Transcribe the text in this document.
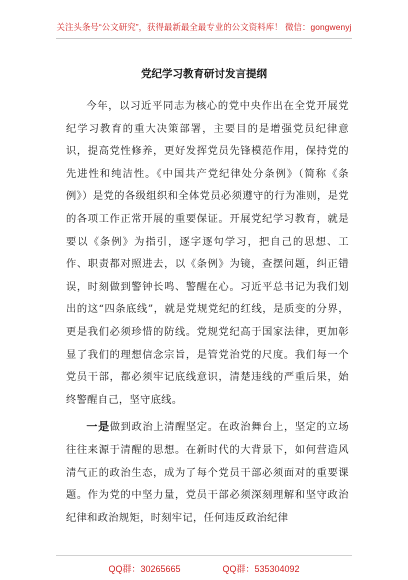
关注头条号“公文研究”，获得最新最全最专业的公文资料库！ 微信：gongwenyj
党纪学习教育研讨发言提纲

今年，以习近平同志为核心的党中央作出在全党开展党纪学习教育的重大决策部署，主要目的是增强党员纪律意识，提高党性修养，更好发挥党员先锋模范作用，保持党的先进性和纯洁性。《中国共产党纪律处分条例》（简称《条例》）是党的各级组织和全体党员必须遵守的行为准则，是党的各项工作正常开展的重要保证。开展党纪学习教育，就是要以《条例》为指引，逐字逐句学习，把自己的思想、工作、职责都对照进去，以《条例》为镜，查摆问题，纠正错误，时刻做到警钟长鸣、警醒在心。习近平总书记为我们划出的这“四条底线”，就是党规党纪的红线，是质变的分界，更是我们必须珍惜的防线。党规党纪高于国家法律，更加彰显了我们的理想信念宗旨，是管党治党的尺度。我们每一个党员干部，都必须牢记底线意识，清楚违线的严重后果，始终警醒自己，坚守底线。

一是做到政治上清醒坚定。在政治舞台上，坚定的立场往往来源于清醒的思想。在新时代的大背景下，如何营造风清气正的政治生态，成为了每个党员干部必须面对的重要课题。作为党的中坚力量，党员干部必须深刻理解和坚守政治纪律和政治规矩，时刻牢记，任何违反政治纪律

QQ群：30265665	QQ群：535304092
